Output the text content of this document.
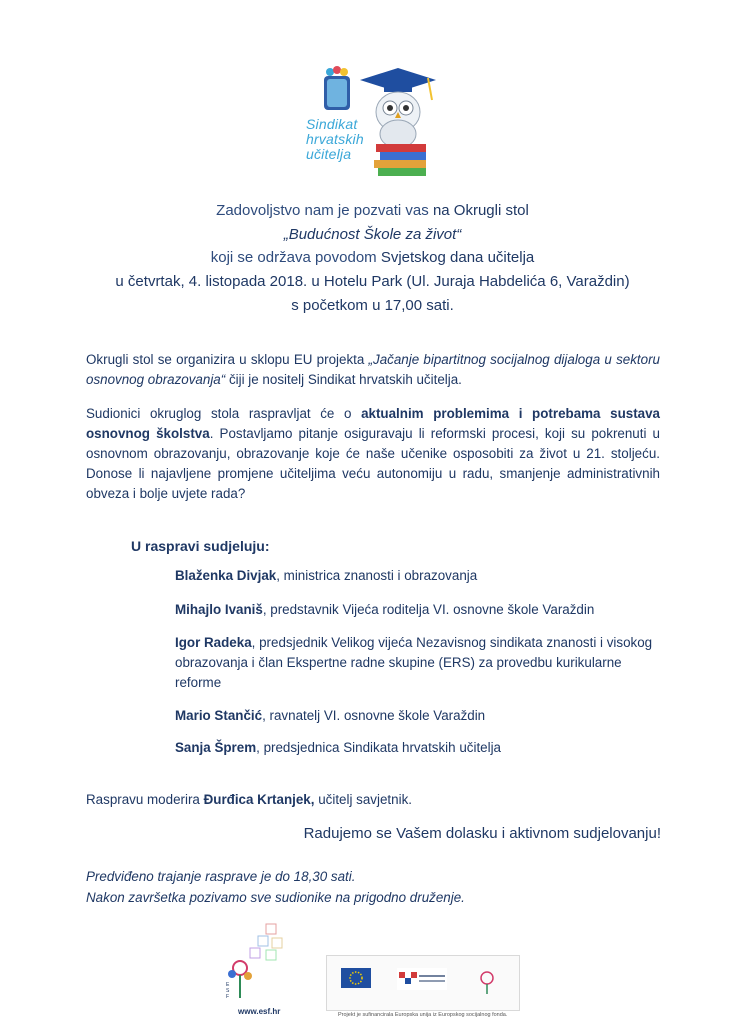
Sindikat
hrvatskih
učitelja
Zadovoljstvo nam je pozvati vas na Okrugli stol
„Budućnost Škole za život“
koji se održava povodom Svjetskog dana učitelja
u četvrtak, 4. listopada 2018. u Hotelu Park (Ul. Juraja Habdelića 6, Varaždin)
s početkom u 17,00 sati.
Okrugli stol se organizira u sklopu EU projekta „Jačanje bipartitnog socijalnog dijaloga u sektoru osnovnog obrazovanja“ čiji je nositelj Sindikat hrvatskih učitelja.
Sudionici okruglog stola raspravljat će o aktualnim problemima i potrebama sustava osnovnog školstva. Postavljamo pitanje osiguravaju li reformski procesi, koji su pokrenuti u osnovnom obrazovanju, obrazovanje koje će naše učenike osposobiti za život u 21. stoljeću. Donose li najavljene promjene učiteljima veću autonomiju u radu, smanjenje administrativnih obveza i bolje uvjete rada?
U raspravi sudjeluju:
Blaženka Divjak, ministrica znanosti i obrazovanja
Mihajlo Ivaniš, predstavnik Vijeća roditelja VI. osnovne škole Varaždin
Igor Radeka, predsjednik Velikog vijeća Nezavisnog sindikata znanosti i visokog obrazovanja i član Ekspertne radne skupine (ERS) za provedbu kurikularne reforme
Mario Stančić, ravnatelj VI. osnovne škole Varaždin
Sanja Šprem, predsjednica Sindikata hrvatskih učitelja
Raspravu moderira Đurđica Krtanjek, učitelj savjetnik.
Radujemo se Vašem dolasku i aktivnom sudjelovanju!
Predviđeno trajanje rasprave je do 18,30 sati.
Nakon završetka pozivamo sve sudionike na prigodno druženje.
E
S
F
www.esf.hr	Projekt je sufinancirala Europska unija iz Europskog socijalnog fonda.
